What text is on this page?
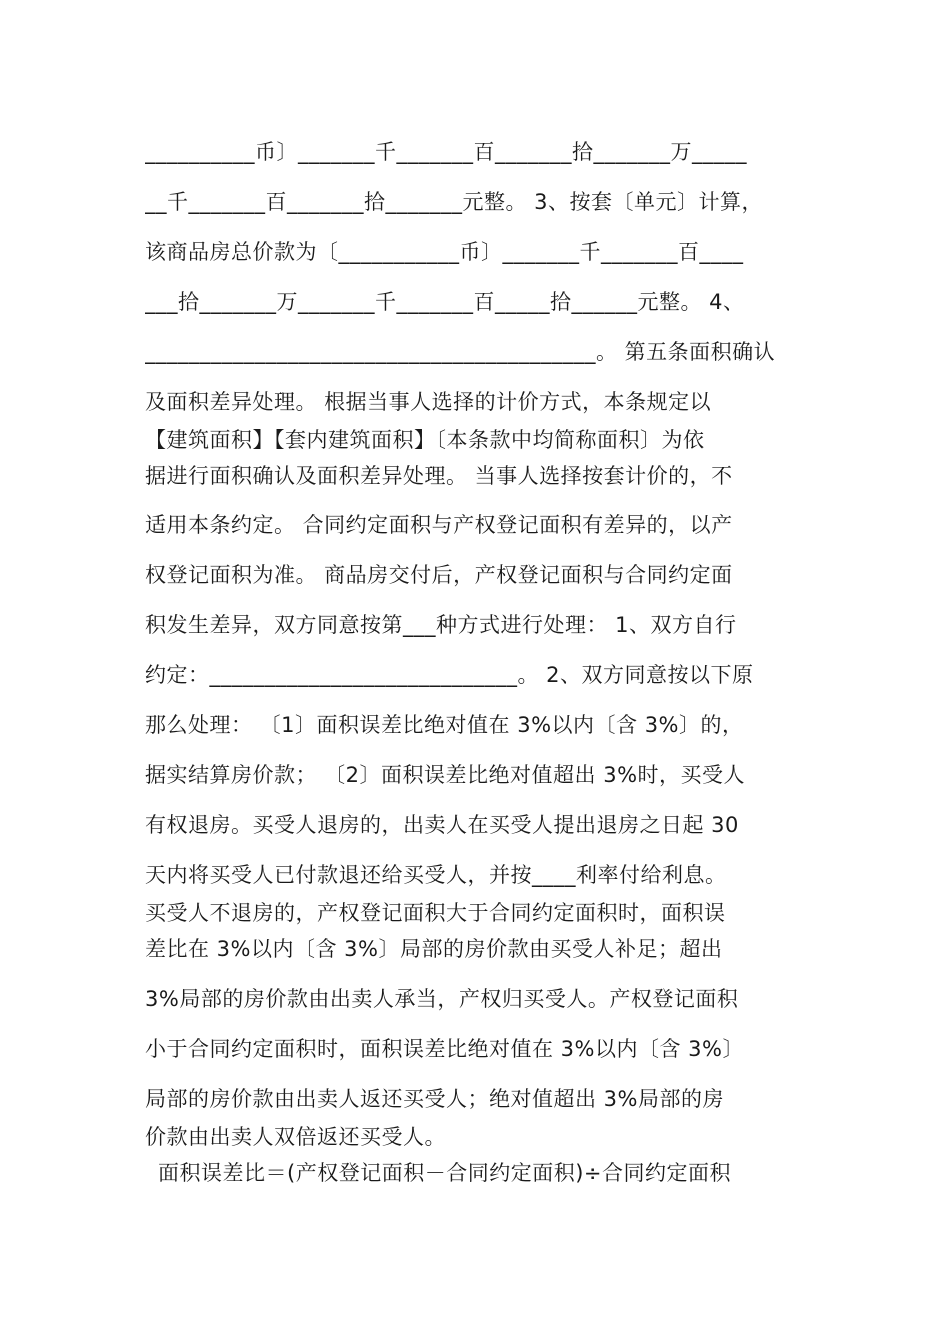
__________币〕_______千_______百_______拾_______万_____
__千_______百_______拾_______元整。 3、按套〔单元〕计算，
该商品房总价款为〔___________币〕_______千_______百____
___拾_______万_______千_______百_____拾______元整。 4、
_________________________________________。 第五条面积确认
及面积差异处理。 根据当事人选择的计价方式，本条规定以
【建筑面积】【套内建筑面积】〔本条款中均简称面积〕为依
据进行面积确认及面积差异处理。 当事人选择按套计价的，不
适用本条约定。 合同约定面积与产权登记面积有差异的，以产
权登记面积为准。 商品房交付后，产权登记面积与合同约定面
积发生差异，双方同意按第___种方式进行处理： 1、双方自行
约定：____________________________。 2、双方同意按以下原
那么处理： 〔1〕面积误差比绝对值在 3%以内〔含 3%〕的，
据实结算房价款； 〔2〕面积误差比绝对值超出 3%时，买受人
有权退房。买受人退房的，出卖人在买受人提出退房之日起 30
天内将买受人已付款退还给买受人，并按____利率付给利息。
买受人不退房的，产权登记面积大于合同约定面积时，面积误
差比在 3%以内〔含 3%〕局部的房价款由买受人补足；超出
3%局部的房价款由出卖人承当，产权归买受人。产权登记面积
小于合同约定面积时，面积误差比绝对值在 3%以内〔含 3%〕
局部的房价款由出卖人返还买受人；绝对值超出 3%局部的房
价款由出卖人双倍返还买受人。
面积误差比＝(产权登记面积－合同约定面积)÷合同约定面积
